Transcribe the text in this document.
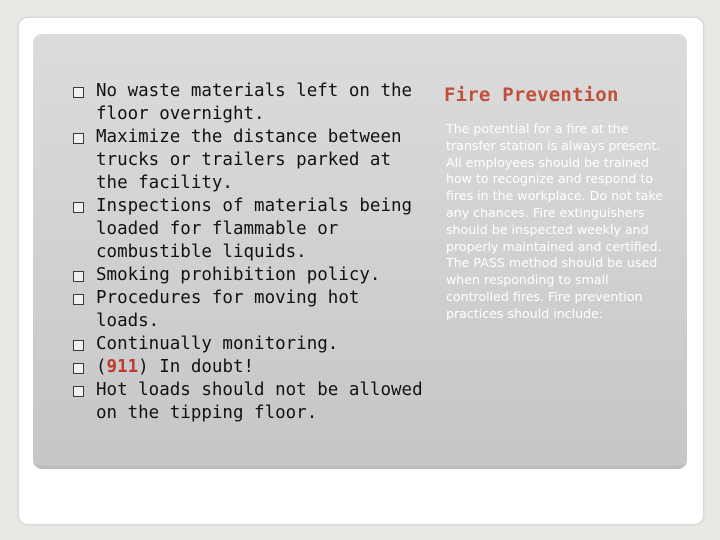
No waste materials left on the floor overnight.
Maximize the distance between trucks or trailers parked at the facility.
Inspections of materials being loaded for flammable or combustible liquids.
Smoking prohibition policy.
Procedures for moving hot loads.
Continually monitoring.
(911) In doubt!
Hot loads should not be allowed on the tipping floor.
Fire Prevention

The potential for a fire at the transfer station is always present. All employees should be trained how to recognize and respond to fires in the workplace. Do not take any chances. Fire extinguishers should be inspected weekly and properly maintained and certified. The PASS method should be used when responding to small controlled fires. Fire prevention practices should include:
